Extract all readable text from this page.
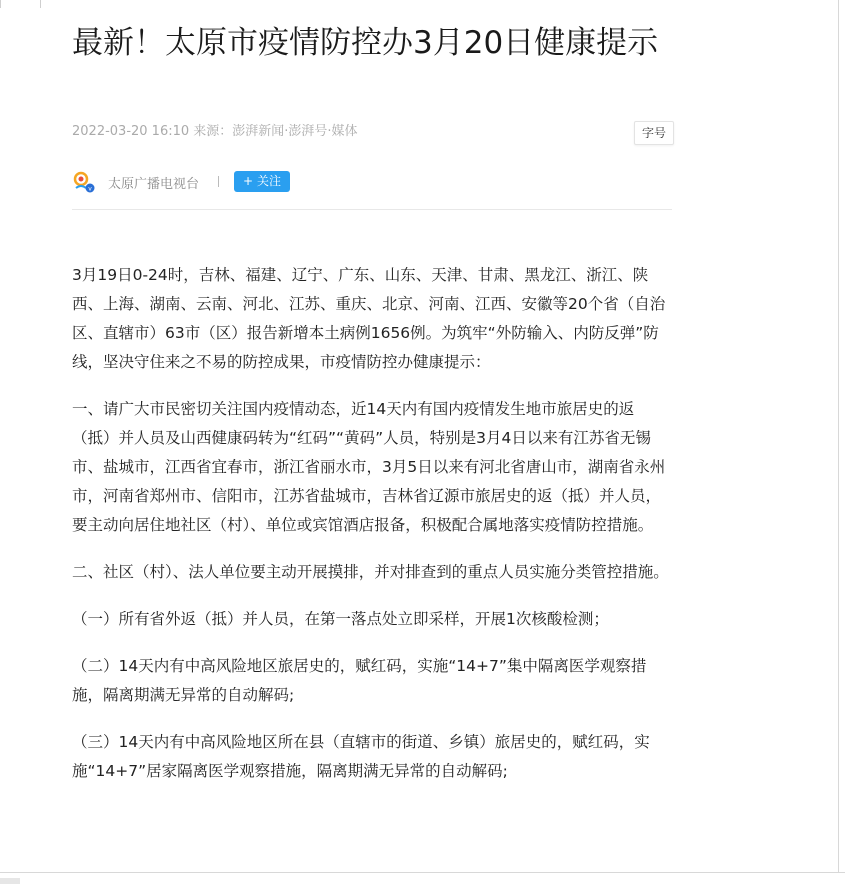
最新！太原市疫情防控办3月20日健康提示
2022-03-20 16:10 来源：澎湃新闻·澎湃号·媒体	字号
v 太原广播电视台	+ 关注

3月19日0-24时，吉林、福建、辽宁、广东、山东、天津、甘肃、黑龙江、浙江、陕西、上海、湖南、云南、河北、江苏、重庆、北京、河南、江西、安徽等20个省（自治区、直辖市）63市（区）报告新增本土病例1656例。为筑牢“外防输入、内防反弹”防线，坚决守住来之不易的防控成果，市疫情防控办健康提示：

一、请广大市民密切关注国内疫情动态，近14天内有国内疫情发生地市旅居史的返（抵）并人员及山西健康码转为“红码”“黄码”人员，特别是3月4日以来有江苏省无锡市、盐城市，江西省宜春市，浙江省丽水市，3月5日以来有河北省唐山市，湖南省永州市，河南省郑州市、信阳市，江苏省盐城市，吉林省辽源市旅居史的返（抵）并人员，要主动向居住地社区（村）、单位或宾馆酒店报备，积极配合属地落实疫情防控措施。

二、社区（村）、法人单位要主动开展摸排，并对排查到的重点人员实施分类管控措施。

（一）所有省外返（抵）并人员，在第一落点处立即采样，开展1次核酸检测；

（二）14天内有中高风险地区旅居史的，赋红码，实施“14+7”集中隔离医学观察措施，隔离期满无异常的自动解码;

（三）14天内有中高风险地区所在县（直辖市的街道、乡镇）旅居史的，赋红码，实施“14+7”居家隔离医学观察措施，隔离期满无异常的自动解码;
